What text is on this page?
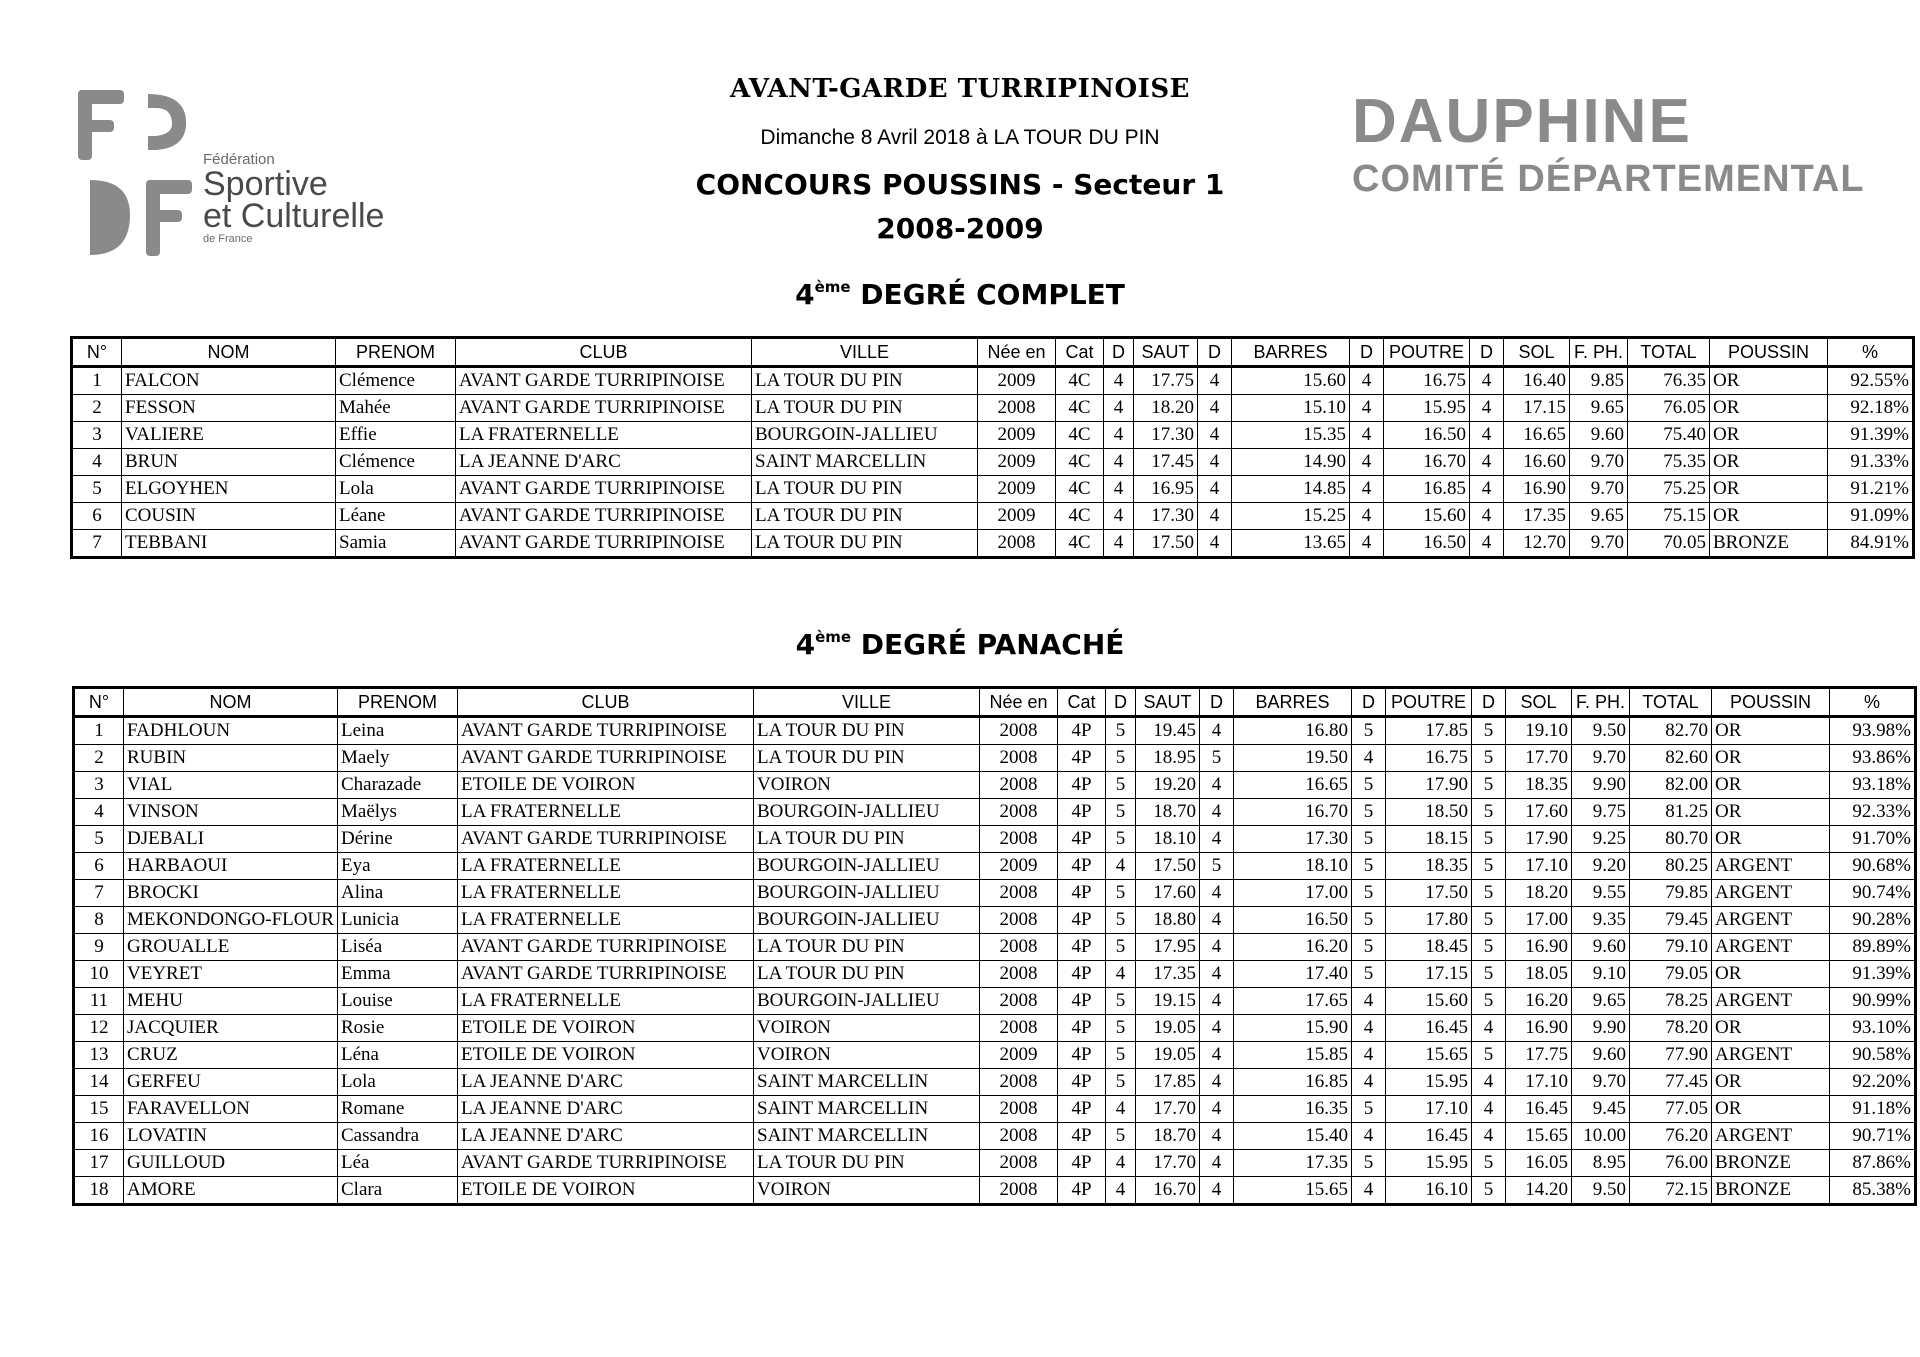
Fédération
Sportive
et Culturelle
de France
DAUPHINE
COMITÉ DÉPARTEMENTAL
AVANT-GARDE TURRIPINOISE
Dimanche 8 Avril 2018 à LA TOUR DU PIN
CONCOURS POUSSINS - Secteur 1
2008-2009
4ème DEGRÉ COMPLET
N°	NOM	PRENOM	CLUB	VILLE	Née en	Cat	D	SAUT	D	BARRES	D	POUTRE	D	SOL	F. PH.	TOTAL	POUSSIN	%
1	FALCON	Clémence	AVANT GARDE TURRIPINOISE	LA TOUR DU PIN	2009	4C	4	17.75	4	15.60	4	16.75	4	16.40	9.85	76.35	OR	92.55%
2	FESSON	Mahée	AVANT GARDE TURRIPINOISE	LA TOUR DU PIN	2008	4C	4	18.20	4	15.10	4	15.95	4	17.15	9.65	76.05	OR	92.18%
3	VALIERE	Effie	LA FRATERNELLE	BOURGOIN-JALLIEU	2009	4C	4	17.30	4	15.35	4	16.50	4	16.65	9.60	75.40	OR	91.39%
4	BRUN	Clémence	LA JEANNE D'ARC	SAINT MARCELLIN	2009	4C	4	17.45	4	14.90	4	16.70	4	16.60	9.70	75.35	OR	91.33%
5	ELGOYHEN	Lola	AVANT GARDE TURRIPINOISE	LA TOUR DU PIN	2009	4C	4	16.95	4	14.85	4	16.85	4	16.90	9.70	75.25	OR	91.21%
6	COUSIN	Léane	AVANT GARDE TURRIPINOISE	LA TOUR DU PIN	2009	4C	4	17.30	4	15.25	4	15.60	4	17.35	9.65	75.15	OR	91.09%
7	TEBBANI	Samia	AVANT GARDE TURRIPINOISE	LA TOUR DU PIN	2008	4C	4	17.50	4	13.65	4	16.50	4	12.70	9.70	70.05	BRONZE	84.91%
4ème DEGRÉ PANACHÉ
N°	NOM	PRENOM	CLUB	VILLE	Née en	Cat	D	SAUT	D	BARRES	D	POUTRE	D	SOL	F. PH.	TOTAL	POUSSIN	%
1	FADHLOUN	Leina	AVANT GARDE TURRIPINOISE	LA TOUR DU PIN	2008	4P	5	19.45	4	16.80	5	17.85	5	19.10	9.50	82.70	OR	93.98%
2	RUBIN	Maely	AVANT GARDE TURRIPINOISE	LA TOUR DU PIN	2008	4P	5	18.95	5	19.50	4	16.75	5	17.70	9.70	82.60	OR	93.86%
3	VIAL	Charazade	ETOILE DE VOIRON	VOIRON	2008	4P	5	19.20	4	16.65	5	17.90	5	18.35	9.90	82.00	OR	93.18%
4	VINSON	Maëlys	LA FRATERNELLE	BOURGOIN-JALLIEU	2008	4P	5	18.70	4	16.70	5	18.50	5	17.60	9.75	81.25	OR	92.33%
5	DJEBALI	Dérine	AVANT GARDE TURRIPINOISE	LA TOUR DU PIN	2008	4P	5	18.10	4	17.30	5	18.15	5	17.90	9.25	80.70	OR	91.70%
6	HARBAOUI	Eya	LA FRATERNELLE	BOURGOIN-JALLIEU	2009	4P	4	17.50	5	18.10	5	18.35	5	17.10	9.20	80.25	ARGENT	90.68%
7	BROCKI	Alina	LA FRATERNELLE	BOURGOIN-JALLIEU	2008	4P	5	17.60	4	17.00	5	17.50	5	18.20	9.55	79.85	ARGENT	90.74%
8	MEKONDONGO-FLOUR	Lunicia	LA FRATERNELLE	BOURGOIN-JALLIEU	2008	4P	5	18.80	4	16.50	5	17.80	5	17.00	9.35	79.45	ARGENT	90.28%
9	GROUALLE	Liséa	AVANT GARDE TURRIPINOISE	LA TOUR DU PIN	2008	4P	5	17.95	4	16.20	5	18.45	5	16.90	9.60	79.10	ARGENT	89.89%
10	VEYRET	Emma	AVANT GARDE TURRIPINOISE	LA TOUR DU PIN	2008	4P	4	17.35	4	17.40	5	17.15	5	18.05	9.10	79.05	OR	91.39%
11	MEHU	Louise	LA FRATERNELLE	BOURGOIN-JALLIEU	2008	4P	5	19.15	4	17.65	4	15.60	5	16.20	9.65	78.25	ARGENT	90.99%
12	JACQUIER	Rosie	ETOILE DE VOIRON	VOIRON	2008	4P	5	19.05	4	15.90	4	16.45	4	16.90	9.90	78.20	OR	93.10%
13	CRUZ	Léna	ETOILE DE VOIRON	VOIRON	2009	4P	5	19.05	4	15.85	4	15.65	5	17.75	9.60	77.90	ARGENT	90.58%
14	GERFEU	Lola	LA JEANNE D'ARC	SAINT MARCELLIN	2008	4P	5	17.85	4	16.85	4	15.95	4	17.10	9.70	77.45	OR	92.20%
15	FARAVELLON	Romane	LA JEANNE D'ARC	SAINT MARCELLIN	2008	4P	4	17.70	4	16.35	5	17.10	4	16.45	9.45	77.05	OR	91.18%
16	LOVATIN	Cassandra	LA JEANNE D'ARC	SAINT MARCELLIN	2008	4P	5	18.70	4	15.40	4	16.45	4	15.65	10.00	76.20	ARGENT	90.71%
17	GUILLOUD	Léa	AVANT GARDE TURRIPINOISE	LA TOUR DU PIN	2008	4P	4	17.70	4	17.35	5	15.95	5	16.05	8.95	76.00	BRONZE	87.86%
18	AMORE	Clara	ETOILE DE VOIRON	VOIRON	2008	4P	4	16.70	4	15.65	4	16.10	5	14.20	9.50	72.15	BRONZE	85.38%
